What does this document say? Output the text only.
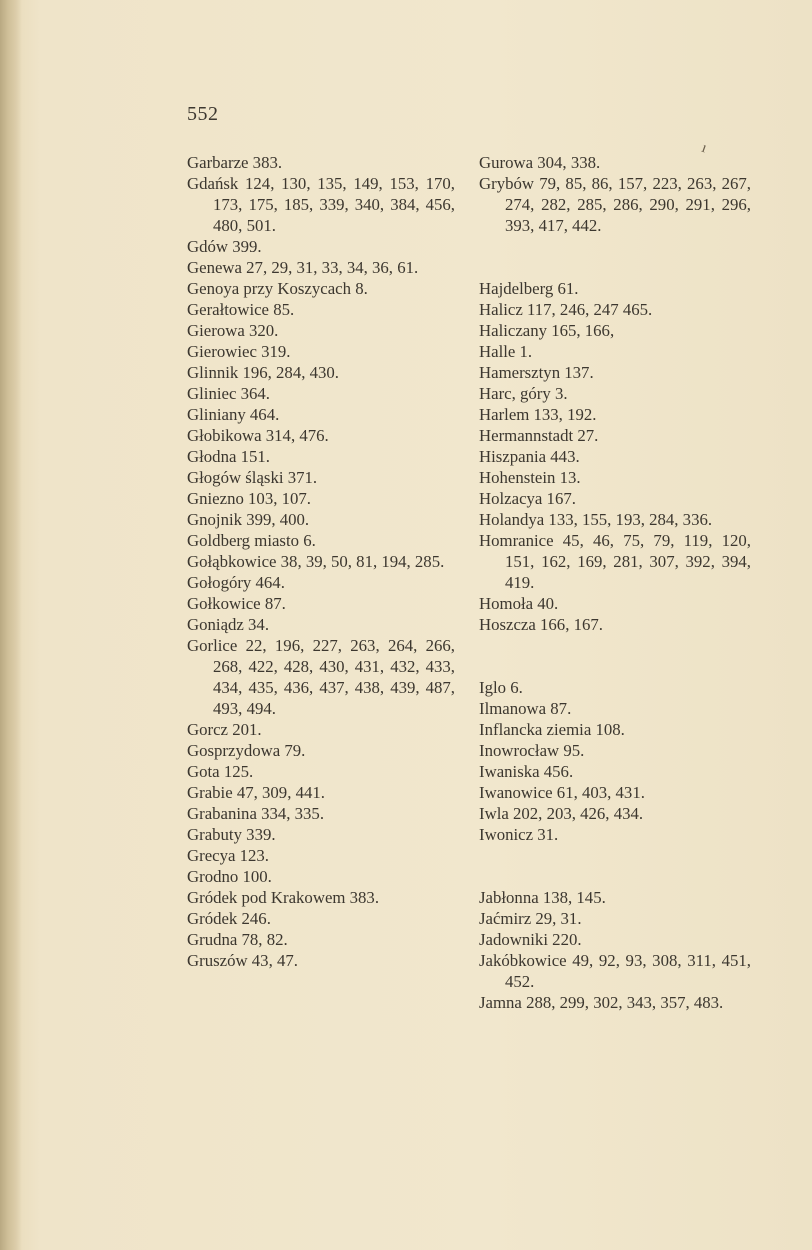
552
ı

Garbarze 383.

Gdańsk 124, 130, 135, 149, 153, 170, 173, 175, 185, 339, 340, 384, 456, 480, 501.

Gdów 399.

Genewa 27, 29, 31, 33, 34, 36, 61.

Genoya przy Koszycach 8.

Gerałtowice 85.

Gierowa 320.

Gierowiec 319.

Glinnik 196, 284, 430.

Gliniec 364.

Gliniany 464.

Głobikowa 314, 476.

Głodna 151.

Głogów śląski 371.

Gniezno 103, 107.

Gnojnik 399, 400.

Goldberg miasto 6.

Gołąbkowice 38, 39, 50, 81, 194, 285.

Gołogóry 464.

Gołkowice 87.

Goniądz 34.

Gorlice 22, 196, 227, 263, 264, 266, 268, 422, 428, 430, 431, 432, 433, 434, 435, 436, 437, 438, 439, 487, 493, 494.

Gorcz 201.

Gosprzydowa 79.

Gota 125.

Grabie 47, 309, 441.

Grabanina 334, 335.

Grabuty 339.

Grecya 123.

Grodno 100.

Gródek pod Krakowem 383.

Gródek 246.

Grudna 78, 82.

Gruszów 43, 47.

Gurowa 304, 338.

Grybów 79, 85, 86, 157, 223, 263, 267, 274, 282, 285, 286, 290, 291, 296, 393, 417, 442.

Hajdelberg 61.

Halicz 117, 246, 247 465.

Haliczany 165, 166,

Halle 1.

Hamersztyn 137.

Harc, góry 3.

Harlem 133, 192.

Hermannstadt 27.

Hiszpania 443.

Hohenstein 13.

Holzacya 167.

Holandya 133, 155, 193, 284, 336.

Homranice 45, 46, 75, 79, 119, 120, 151, 162, 169, 281, 307, 392, 394, 419.

Homoła 40.

Hoszcza 166, 167.

Iglo 6.

Ilmanowa 87.

Inflancka ziemia 108.

Inowrocław 95.

Iwaniska 456.

Iwanowice 61, 403, 431.

Iwla 202, 203, 426, 434.

Iwonicz 31.

Jabłonna 138, 145.

Jaćmirz 29, 31.

Jadowniki 220.

Jakóbkowice 49, 92, 93, 308, 311, 451, 452.

Jamna 288, 299, 302, 343, 357, 483.
